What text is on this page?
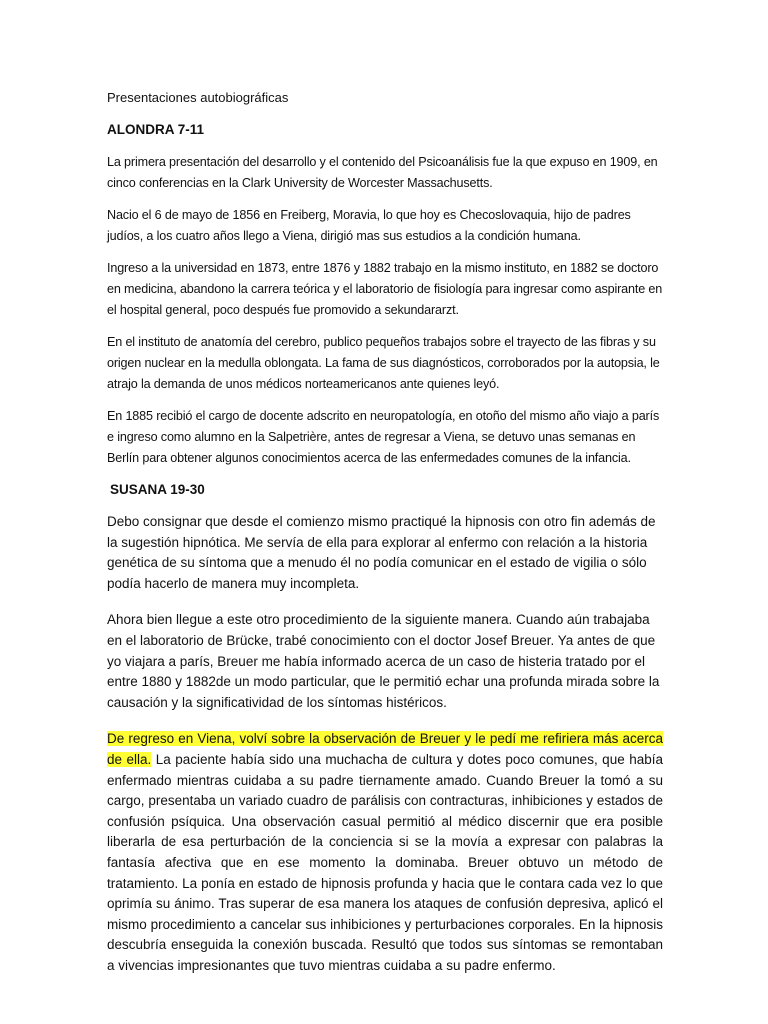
Presentaciones autobiográficas

ALONDRA 7-11

La primera presentación del desarrollo y el contenido del Psicoanálisis fue la que expuso en 1909, en cinco conferencias en la Clark University de Worcester Massachusetts.

Nacio el 6 de mayo de 1856 en Freiberg, Moravia, lo que hoy es Checoslovaquia, hijo de padres judíos, a los cuatro años llego a Viena, dirigió mas sus estudios a la condición humana.

Ingreso a la universidad en 1873, entre 1876 y 1882 trabajo en la mismo instituto, en 1882 se doctoro en medicina, abandono la carrera teórica y el laboratorio de fisiología para ingresar como aspirante en el hospital general, poco después fue promovido a sekundararzt.

En el instituto de anatomía del cerebro, publico pequeños trabajos sobre el trayecto de las fibras y su origen nuclear en la medulla oblongata. La fama de sus diagnósticos, corroborados por la autopsia, le atrajo la demanda de unos médicos norteamericanos ante quienes leyó.

En 1885 recibió el cargo de docente adscrito en neuropatología, en otoño del mismo año viajo a parís e ingreso como alumno en la Salpetrière, antes de regresar a Viena, se detuvo unas semanas en Berlín para obtener algunos conocimientos acerca de las enfermedades comunes de la infancia.

SUSANA 19-30

Debo consignar que desde el comienzo mismo practiqué la hipnosis con otro fin además de la sugestión hipnótica. Me servía de ella para explorar al enfermo con relación a la historia genética de su síntoma que a menudo él no podía comunicar en el estado de vigilia o sólo podía hacerlo de manera muy incompleta.

Ahora bien llegue a este otro procedimiento de la siguiente manera. Cuando aún trabajaba en el laboratorio de Brücke, trabé conocimiento con el doctor Josef Breuer. Ya antes de que yo viajara a parís, Breuer me había informado acerca de un caso de histeria tratado por el entre 1880 y 1882de un modo particular, que le permitió echar una profunda mirada sobre la causación y la significatividad de los síntomas histéricos.

De regreso en Viena, volví sobre la observación de Breuer y le pedí me refiriera más acerca de ella. La paciente había sido una muchacha de cultura y dotes poco comunes, que había enfermado mientras cuidaba a su padre tiernamente amado. Cuando Breuer la tomó a su cargo, presentaba un variado cuadro de parálisis con contracturas, inhibiciones y estados de confusión psíquica. Una observación casual permitió al médico discernir que era posible liberarla de esa perturbación de la conciencia si se la movía a expresar con palabras la fantasía afectiva que en ese momento la dominaba. Breuer obtuvo un método de tratamiento. La ponía en estado de hipnosis profunda y hacia que le contara cada vez lo que oprimía su ánimo. Tras superar de esa manera los ataques de confusión depresiva, aplicó el mismo procedimiento a cancelar sus inhibiciones y perturbaciones corporales. En la hipnosis descubría enseguida la conexión buscada. Resultó que todos sus síntomas se remontaban a vivencias impresionantes que tuvo mientras cuidaba a su padre enfermo.
